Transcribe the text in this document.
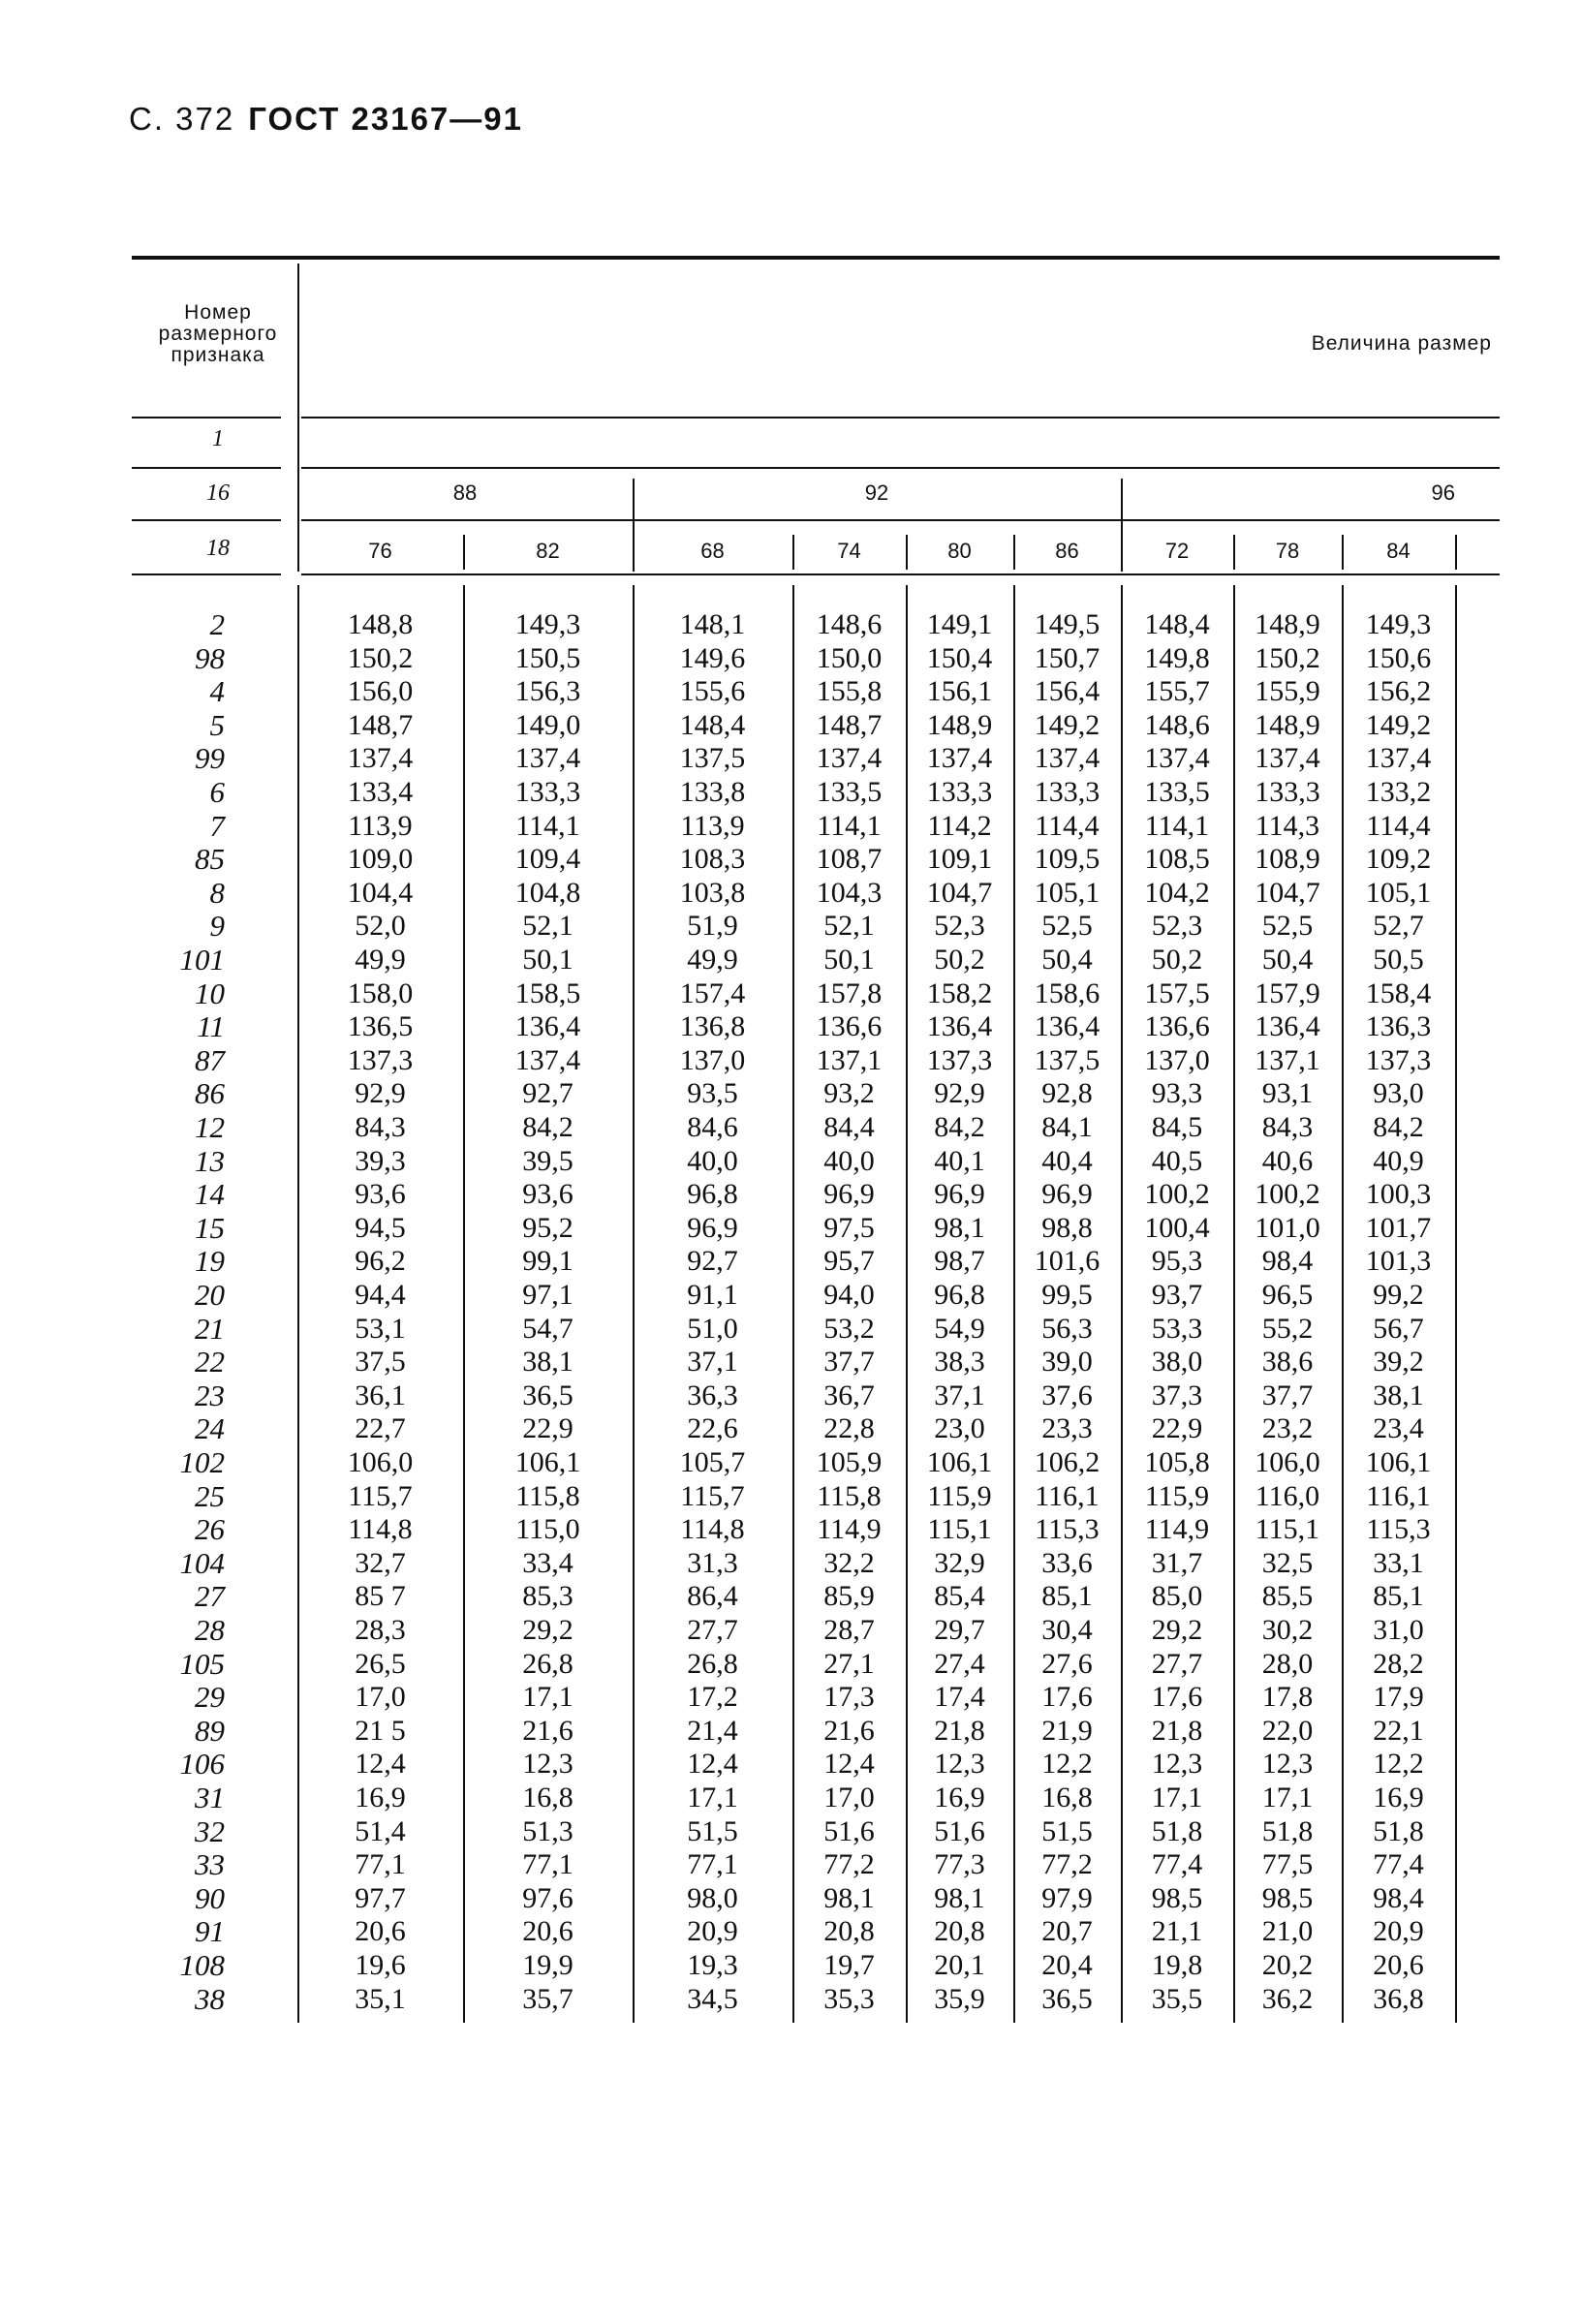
С. 372 ГОСТ 23167—91
Номер
размерного
признака
Величина размер
1
16
18
88	92	96
76	82	68	74	80	86	72	78	84
2	148,8	149,3	148,1	148,6	149,1	149,5	148,4	148,9	149,3
98	150,2	150,5	149,6	150,0	150,4	150,7	149,8	150,2	150,6
4	156,0	156,3	155,6	155,8	156,1	156,4	155,7	155,9	156,2
5	148,7	149,0	148,4	148,7	148,9	149,2	148,6	148,9	149,2
99	137,4	137,4	137,5	137,4	137,4	137,4	137,4	137,4	137,4
6	133,4	133,3	133,8	133,5	133,3	133,3	133,5	133,3	133,2
7	113,9	114,1	113,9	114,1	114,2	114,4	114,1	114,3	114,4
85	109,0	109,4	108,3	108,7	109,1	109,5	108,5	108,9	109,2
8	104,4	104,8	103,8	104,3	104,7	105,1	104,2	104,7	105,1
9	52,0	52,1	51,9	52,1	52,3	52,5	52,3	52,5	52,7
101	49,9	50,1	49,9	50,1	50,2	50,4	50,2	50,4	50,5
10	158,0	158,5	157,4	157,8	158,2	158,6	157,5	157,9	158,4
11	136,5	136,4	136,8	136,6	136,4	136,4	136,6	136,4	136,3
87	137,3	137,4	137,0	137,1	137,3	137,5	137,0	137,1	137,3
86	92,9	92,7	93,5	93,2	92,9	92,8	93,3	93,1	93,0
12	84,3	84,2	84,6	84,4	84,2	84,1	84,5	84,3	84,2
13	39,3	39,5	40,0	40,0	40,1	40,4	40,5	40,6	40,9
14	93,6	93,6	96,8	96,9	96,9	96,9	100,2	100,2	100,3
15	94,5	95,2	96,9	97,5	98,1	98,8	100,4	101,0	101,7
19	96,2	99,1	92,7	95,7	98,7	101,6	95,3	98,4	101,3
20	94,4	97,1	91,1	94,0	96,8	99,5	93,7	96,5	99,2
21	53,1	54,7	51,0	53,2	54,9	56,3	53,3	55,2	56,7
22	37,5	38,1	37,1	37,7	38,3	39,0	38,0	38,6	39,2
23	36,1	36,5	36,3	36,7	37,1	37,6	37,3	37,7	38,1
24	22,7	22,9	22,6	22,8	23,0	23,3	22,9	23,2	23,4
102	106,0	106,1	105,7	105,9	106,1	106,2	105,8	106,0	106,1
25	115,7	115,8	115,7	115,8	115,9	116,1	115,9	116,0	116,1
26	114,8	115,0	114,8	114,9	115,1	115,3	114,9	115,1	115,3
104	32,7	33,4	31,3	32,2	32,9	33,6	31,7	32,5	33,1
27	85 7	85,3	86,4	85,9	85,4	85,1	85,0	85,5	85,1
28	28,3	29,2	27,7	28,7	29,7	30,4	29,2	30,2	31,0
105	26,5	26,8	26,8	27,1	27,4	27,6	27,7	28,0	28,2
29	17,0	17,1	17,2	17,3	17,4	17,6	17,6	17,8	17,9
89	21 5	21,6	21,4	21,6	21,8	21,9	21,8	22,0	22,1
106	12,4	12,3	12,4	12,4	12,3	12,2	12,3	12,3	12,2
31	16,9	16,8	17,1	17,0	16,9	16,8	17,1	17,1	16,9
32	51,4	51,3	51,5	51,6	51,6	51,5	51,8	51,8	51,8
33	77,1	77,1	77,1	77,2	77,3	77,2	77,4	77,5	77,4
90	97,7	97,6	98,0	98,1	98,1	97,9	98,5	98,5	98,4
91	20,6	20,6	20,9	20,8	20,8	20,7	21,1	21,0	20,9
108	19,6	19,9	19,3	19,7	20,1	20,4	19,8	20,2	20,6
38	35,1	35,7	34,5	35,3	35,9	36,5	35,5	36,2	36,8
